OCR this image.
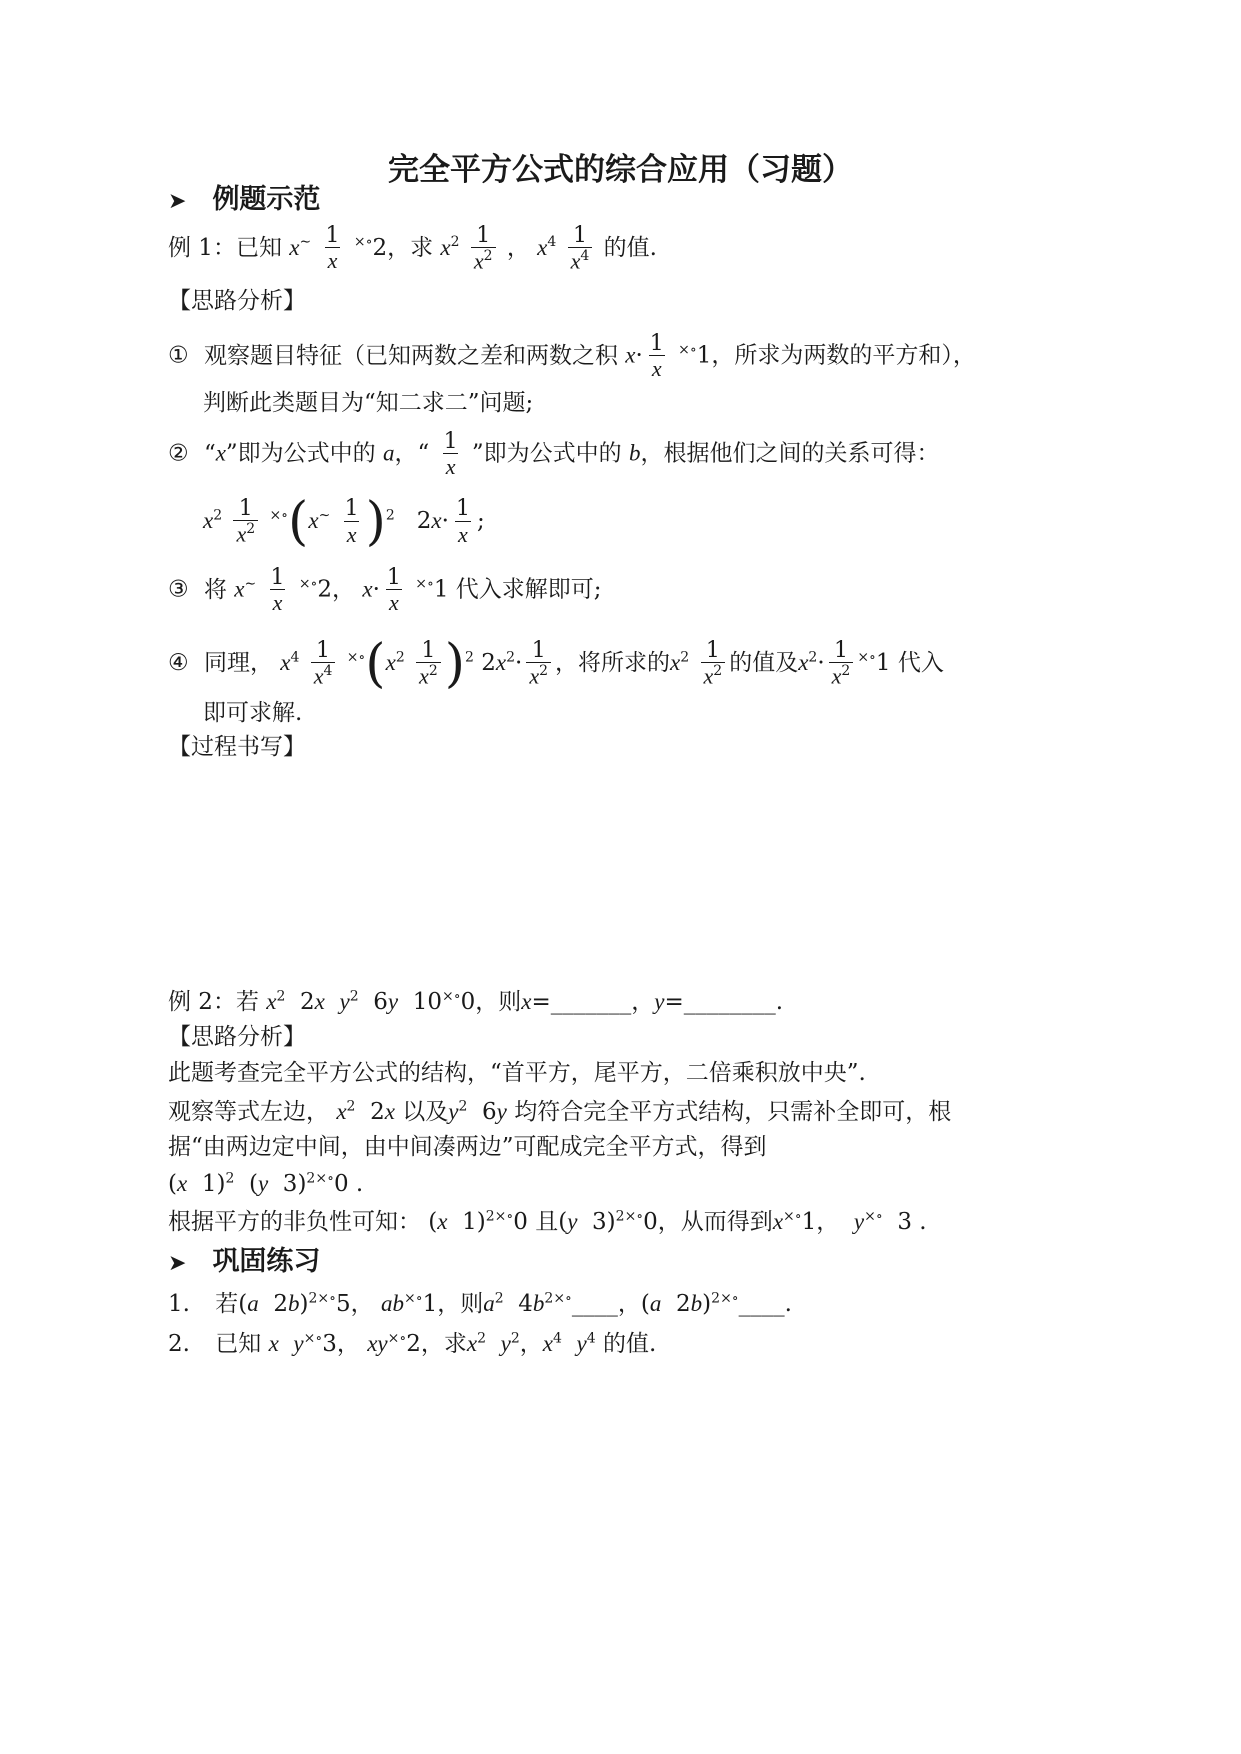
完全平方公式的综合应用（习题）
➤ 例题示范
例 1：已知 $x^\sim \frac{1}{x} ^{\times\circ}2$，求 $x^2 \frac{1}{x^2}$ ， $x^4 \frac{1}{x^4}$ 的值.
【思路分析】
① 观察题目特征（已知两数之差和两数之积 $x\cdot \frac{1}{x} ^{\times\circ}1$，所求为两数的平方和），
判断此类题目为“知二求二”问题;
② “x”即为公式中的 a，“ $\frac{1}{x}$ ”即为公式中的 b，根据他们之间的关系可得：
$x^2 \frac{1}{x^2} ^{\times\circ}(x^\sim \frac{1}{x} )^2$   $2x\cdot \frac{1}{x}$ ;
③ 将 $x^\sim \frac{1}{x} ^{\times\circ}2$， $x\cdot \frac{1}{x} ^{\times\circ}1$ 代入求解即可;
④ 同理， $x^4 \frac{1}{x^4} ^{\times\circ}(x^2 \frac{1}{x^2} )^2$ $2x^2\cdot \frac{1}{x^2}$ ，将所求的$x^2 \frac{1}{x^2}$ 的值及$x^2\cdot \frac{1}{x^2} ^{\times\circ}1$ 代入
即可求解.
【过程书写】
例 2：若 $x^2$  2x $y^2$  6y  10×∘0，则x=_______，y=________.
【思路分析】
此题考查完全平方公式的结构，“首平方，尾平方，二倍乘积放中央”.
观察等式左边， $x^2$  2x 以及$y^2$  6y 均符合完全平方式结构，只需补全即可，根
据“由两边定中间，由中间凑两边”可配成完全平方式，得到
(x  1)$^2$  (y  3)$^{2\times\circ}$0 .
根据平方的非负性可知： (x  1)$^{2\times\circ}$0 且(y  3)$^{2\times\circ}$0，从而得到x×∘1， y×∘ 3 .
➤ 巩固练习
1. 若(a  2b)$^{2\times\circ}$5， ab×∘1，则$a^2$  $4b^{2\times\circ}\_\_\_\_$，(a  2b)$^{2\times\circ}$____.
2. 已知 x y×∘3， xy×∘2，求$x^2$ $y^2$，$x^4$ $y^4$ 的值.
